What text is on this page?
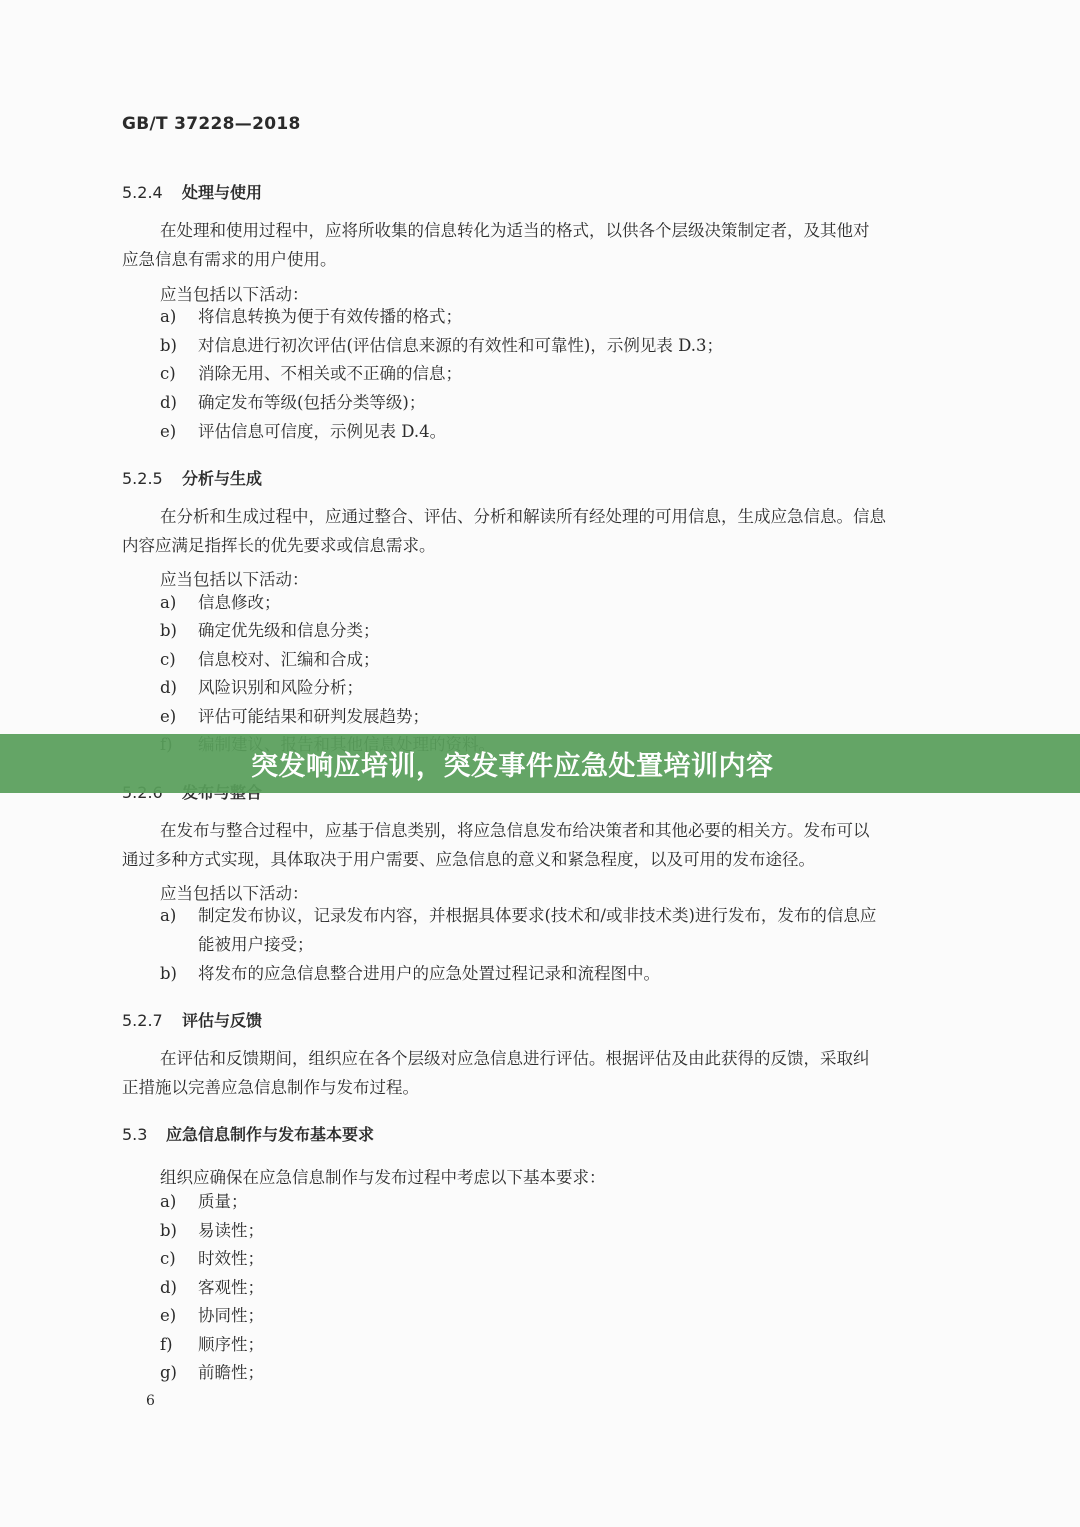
GB/T 37228—2018
5.2.4 处理与使用
在处理和使用过程中，应将所收集的信息转化为适当的格式，以供各个层级决策制定者，及其他对
应急信息有需求的用户使用。
应当包括以下活动：
a) 将信息转换为便于有效传播的格式；
b) 对信息进行初次评估(评估信息来源的有效性和可靠性)，示例见表 D.3；
c) 消除无用、不相关或不正确的信息；
d) 确定发布等级(包括分类等级)；
e) 评估信息可信度，示例见表 D.4。
5.2.5 分析与生成
在分析和生成过程中，应通过整合、评估、分析和解读所有经处理的可用信息，生成应急信息。信息
内容应满足指挥长的优先要求或信息需求。
应当包括以下活动：
a) 信息修改；
b) 确定优先级和信息分类；
c) 信息校对、汇编和合成；
d) 风险识别和风险分析；
e) 评估可能结果和研判发展趋势；
在发布与整合过程中，应基于信息类别，将应急信息发布给决策者和其他必要的相关方。发布可以
通过多种方式实现，具体取决于用户需要、应急信息的意义和紧急程度，以及可用的发布途径。
应当包括以下活动：
a) 制定发布协议，记录发布内容，并根据具体要求(技术和/或非技术类)进行发布，发布的信息应
能被用户接受；
b) 将发布的应急信息整合进用户的应急处置过程记录和流程图中。
5.2.7 评估与反馈
在评估和反馈期间，组织应在各个层级对应急信息进行评估。根据评估及由此获得的反馈，采取纠
正措施以完善应急信息制作与发布过程。
5.3 应急信息制作与发布基本要求
组织应确保在应急信息制作与发布过程中考虑以下基本要求：
a) 质量；
b) 易读性；
c) 时效性；
d) 客观性；
e) 协同性；
f) 顺序性；
g) 前瞻性；
6
突发响应培训，突发事件应急处置培训内容
